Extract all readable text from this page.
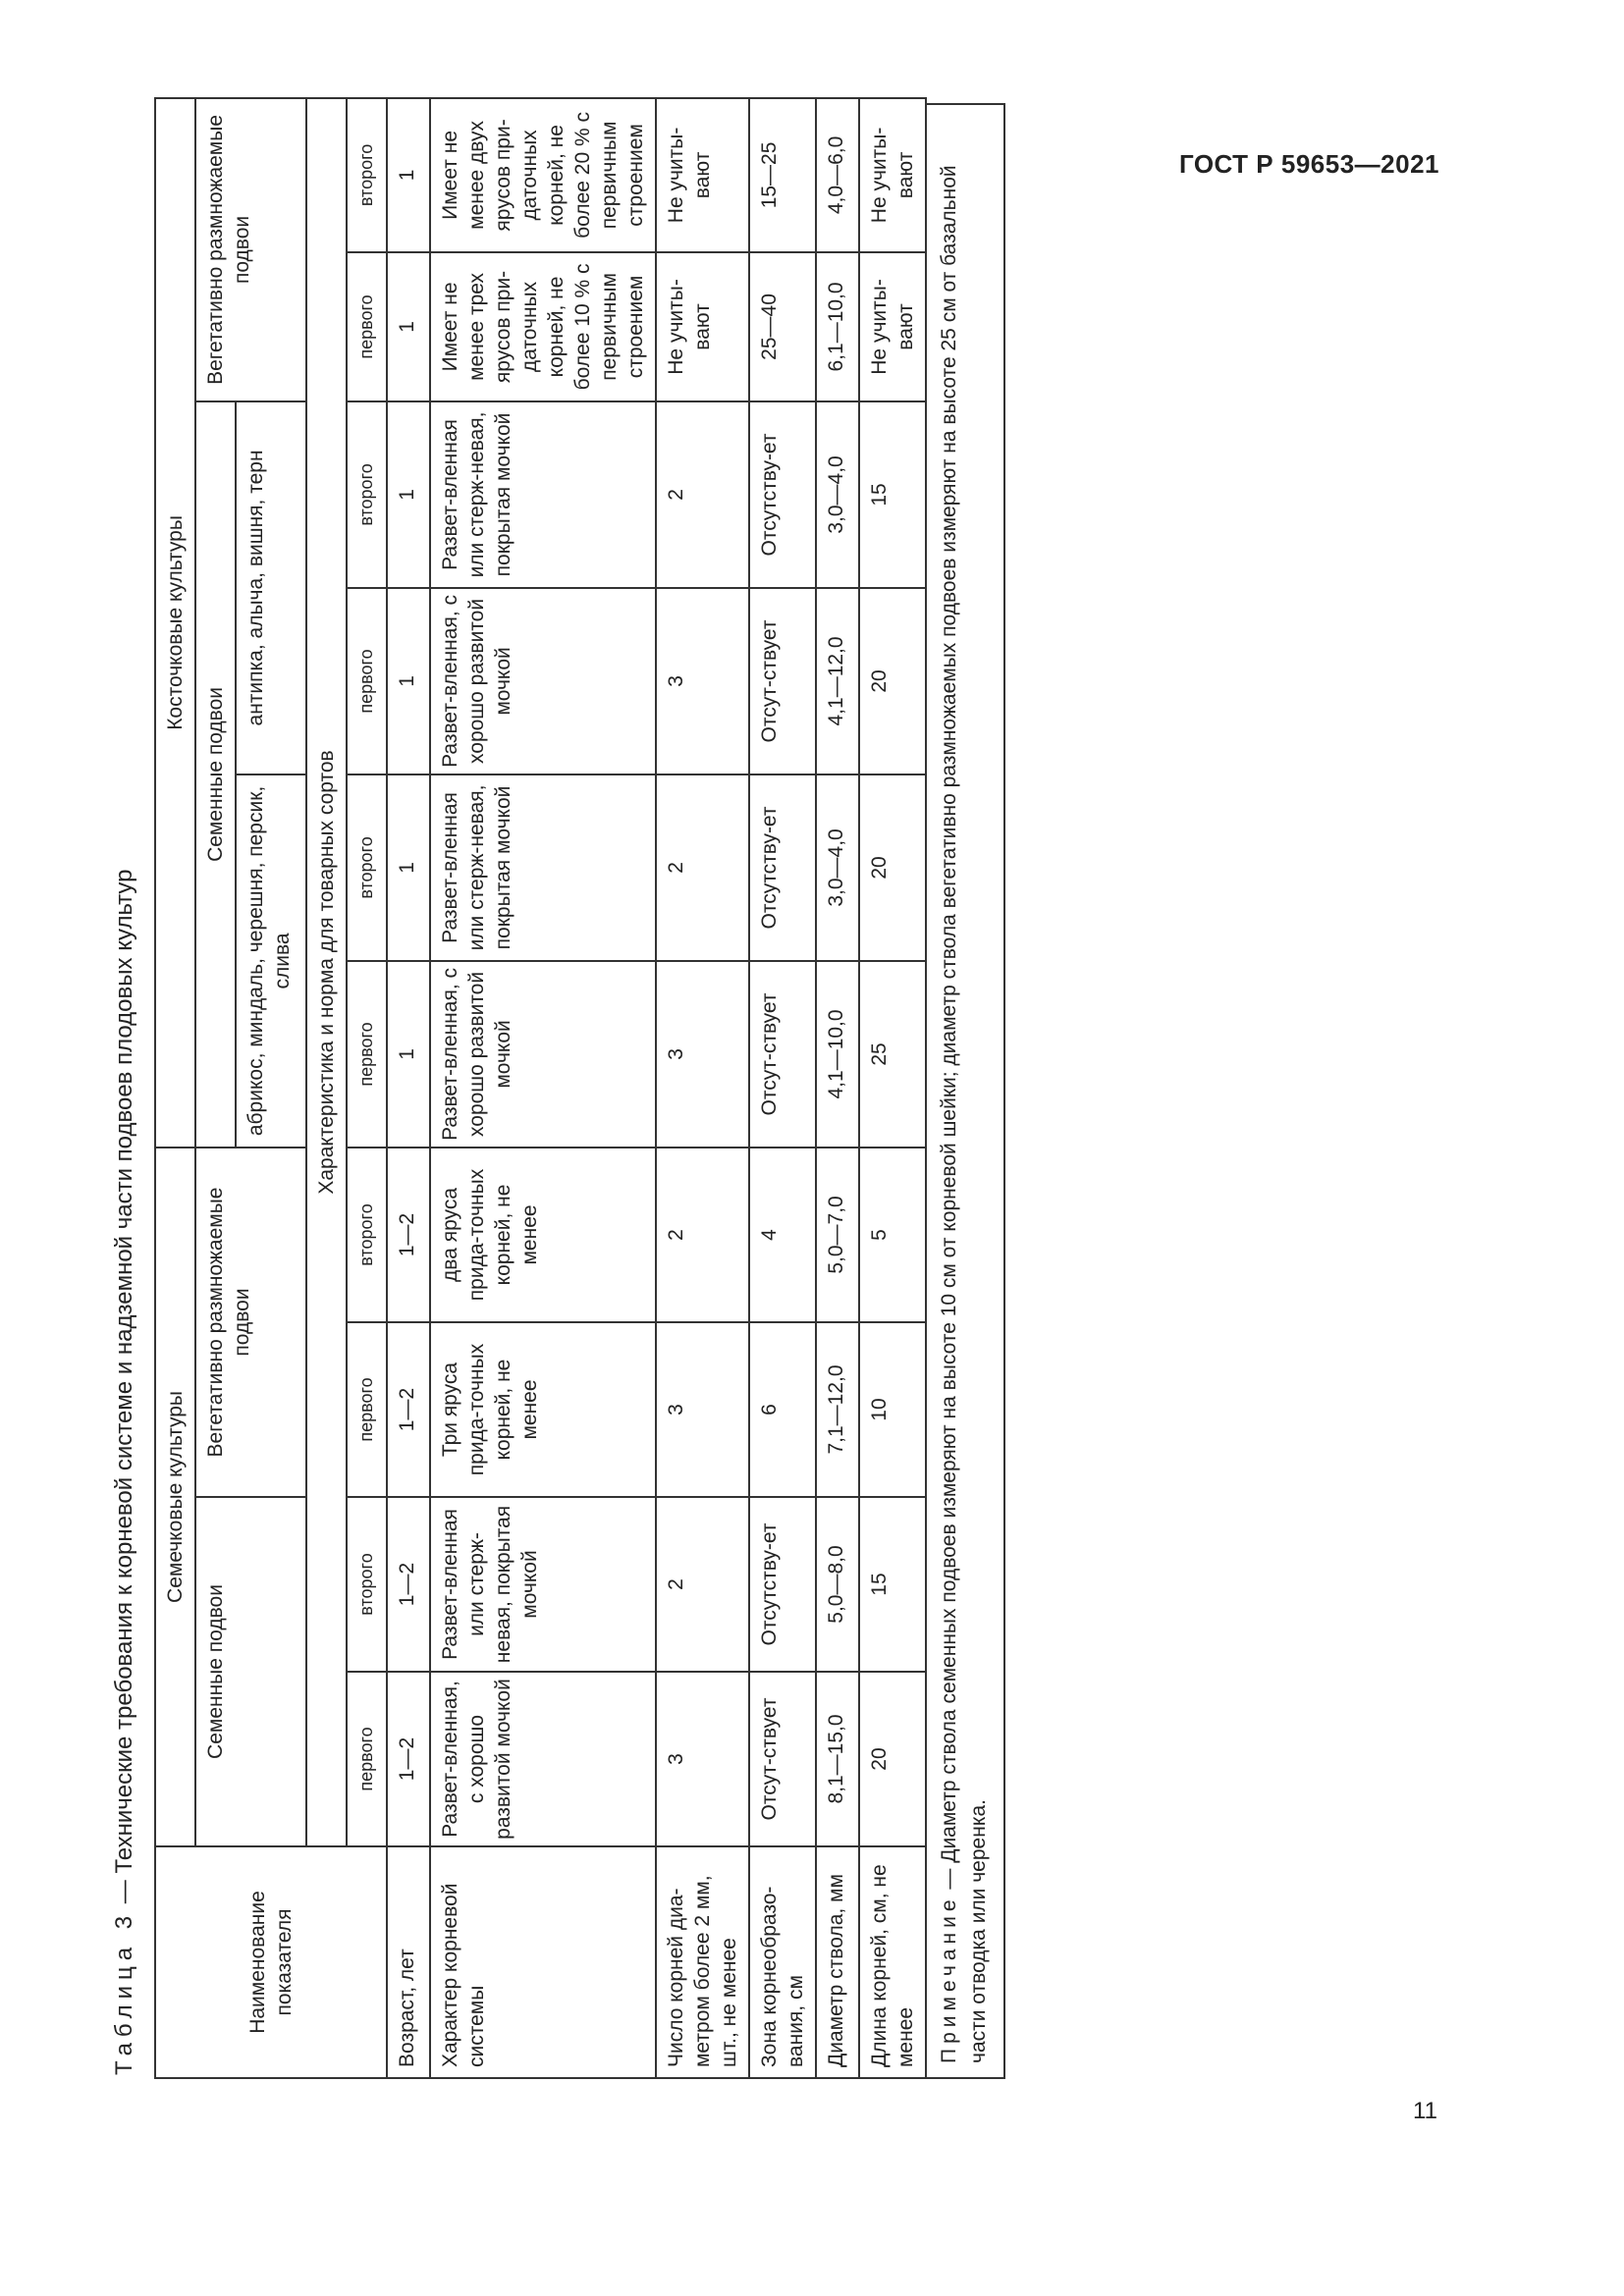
ГОСТ Р 59653—2021
Таблица 3 — Технические требования к корневой системе и надземной части подвоев плодовых культур
Наименование показателя	Семечковые культуры				Косточковые культуры					
	Семенные подвои		Вегетативно размножаемые подвои		Семенные подвои				Вегетативно размножаемые подвои	
					абрикос, миндаль, черешня, персик, слива		антипка, алыча, вишня, терн			
	Характеристика и норма для товарных сортов									
	первого	второго	первого	второго	первого	второго	первого	второго	первого	второго
Возраст, лет	1—2	1—2	1—2	1—2	1	1	1	1	1	1
Характер корневой системы	Развет-вленная, с хорошо развитой мочкой	Развет-вленная или стерж-невая, покрытая мочкой	Три яруса прида-точных корней, не менее	два яруса прида-точных корней, не менее	Развет-вленная, с хорошо развитой мочкой	Развет-вленная или стерж-невая, покрытая мочкой	Развет-вленная, с хорошо развитой мочкой	Развет-вленная или стерж-невая, покрытая мочкой	Имеет не менее трех ярусов при-даточных корней, не более 10 % с первичным строением	Имеет не менее двух ярусов при-даточных корней, не более 20 % с первичным строением
Число корней диа-метром более 2 мм, шт., не менее	3	2	3	2	3	2	3	2	Не учиты-вают	Не учиты-вают
Зона корнеобразо-вания, см	Отсут-ствует	Отсутству-ет	6	4	Отсут-ствует	Отсутству-ет	Отсут-ствует	Отсутству-ет	25—40	15—25
Диаметр ствола, мм	8,1—15,0	5,0—8,0	7,1—12,0	5,0—7,0	4,1—10,0	3,0—4,0	4,1—12,0	3,0—4,0	6,1—10,0	4,0—6,0
Длина корней, см, не менее	20	15	10	5	25	20	20	15	Не учиты-вают	Не учиты-вают
Примечание — Диаметр ствола семенных подвоев измеряют на высоте 10 см от корневой шейки; диаметр ствола вегетативно размножаемых подвоев измеряют на высоте 25 см от базальной части отводка или черенка.
11
